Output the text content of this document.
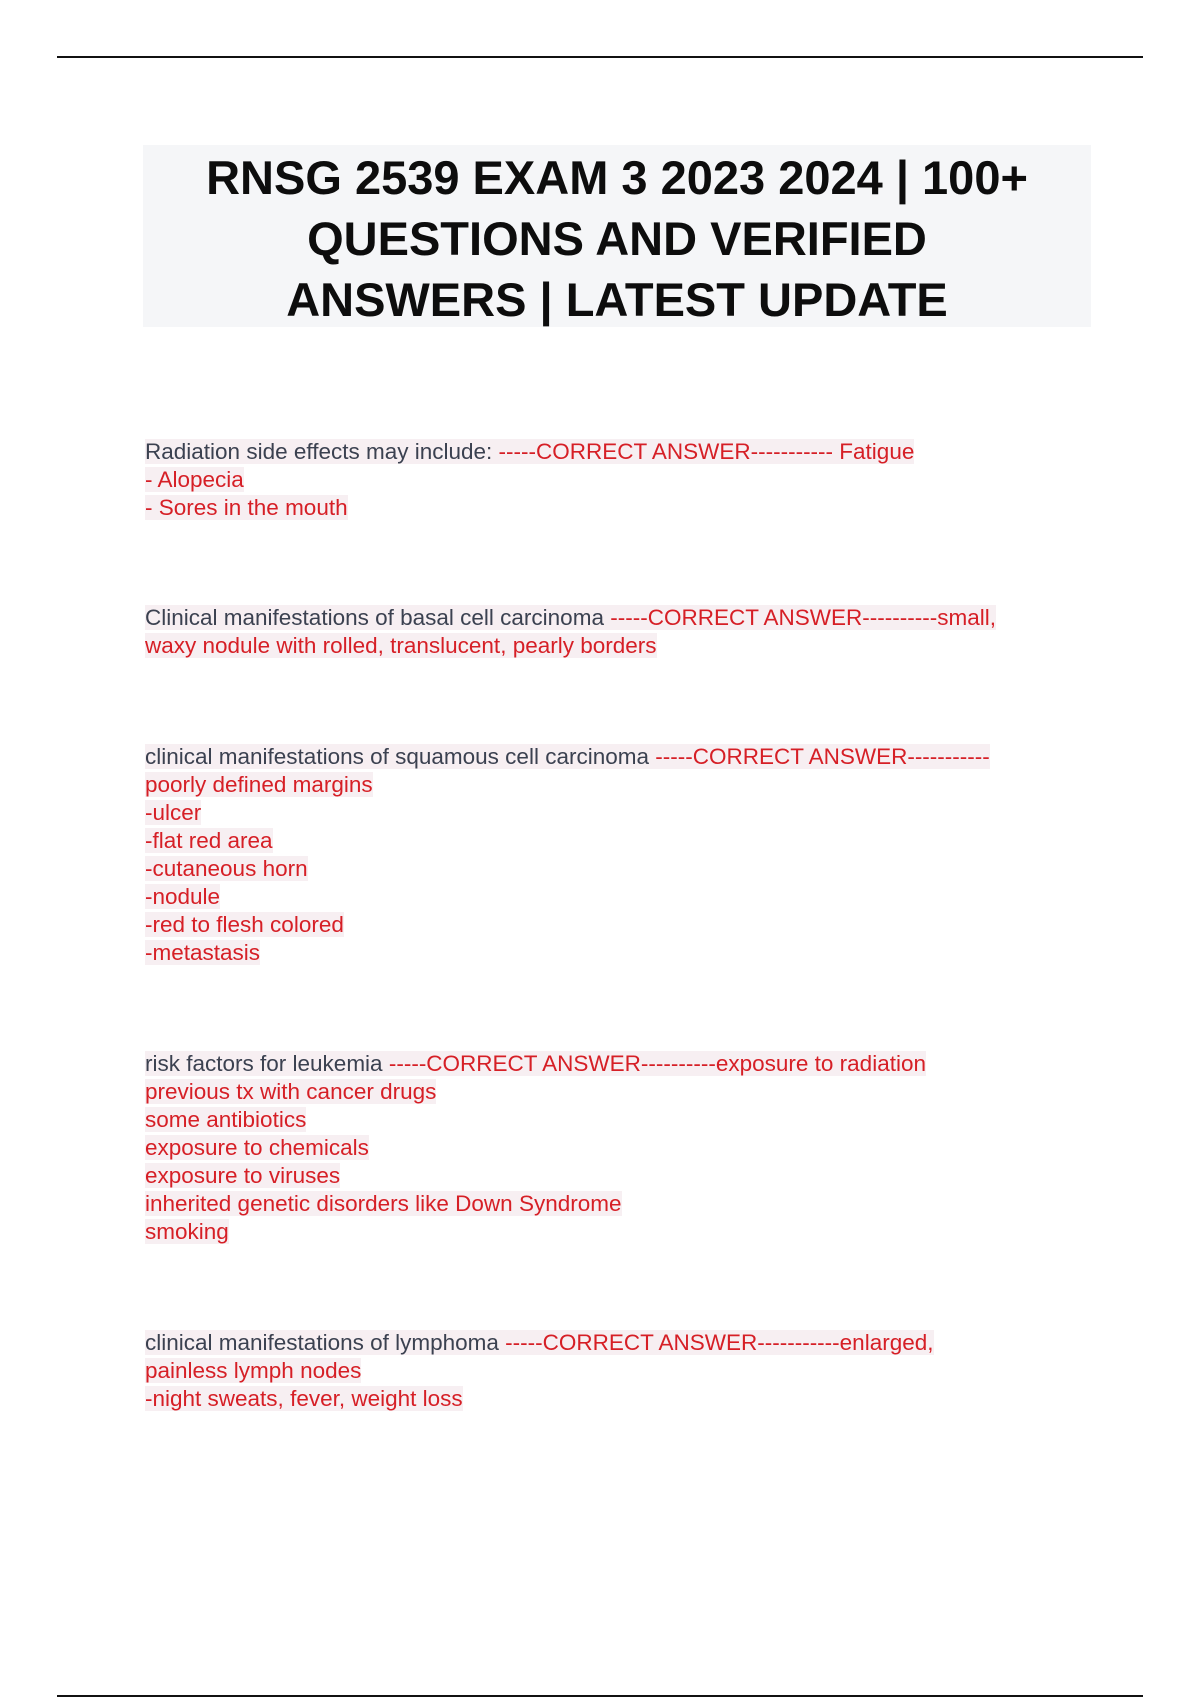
RNSG 2539 EXAM 3 2023 2024 | 100+
QUESTIONS AND VERIFIED
ANSWERS | LATEST UPDATE
Radiation side effects may include: -----CORRECT ANSWER----------- Fatigue
- Alopecia
- Sores in the mouth
Clinical manifestations of basal cell carcinoma -----CORRECT ANSWER----------small,
waxy nodule with rolled, translucent, pearly borders
clinical manifestations of squamous cell carcinoma -----CORRECT ANSWER-----------
poorly defined margins
-ulcer
-flat red area
-cutaneous horn
-nodule
-red to flesh colored
-metastasis
risk factors for leukemia -----CORRECT ANSWER----------exposure to radiation
previous tx with cancer drugs
some antibiotics
exposure to chemicals
exposure to viruses
inherited genetic disorders like Down Syndrome
smoking
clinical manifestations of lymphoma -----CORRECT ANSWER-----------enlarged,
painless lymph nodes
-night sweats, fever, weight loss
